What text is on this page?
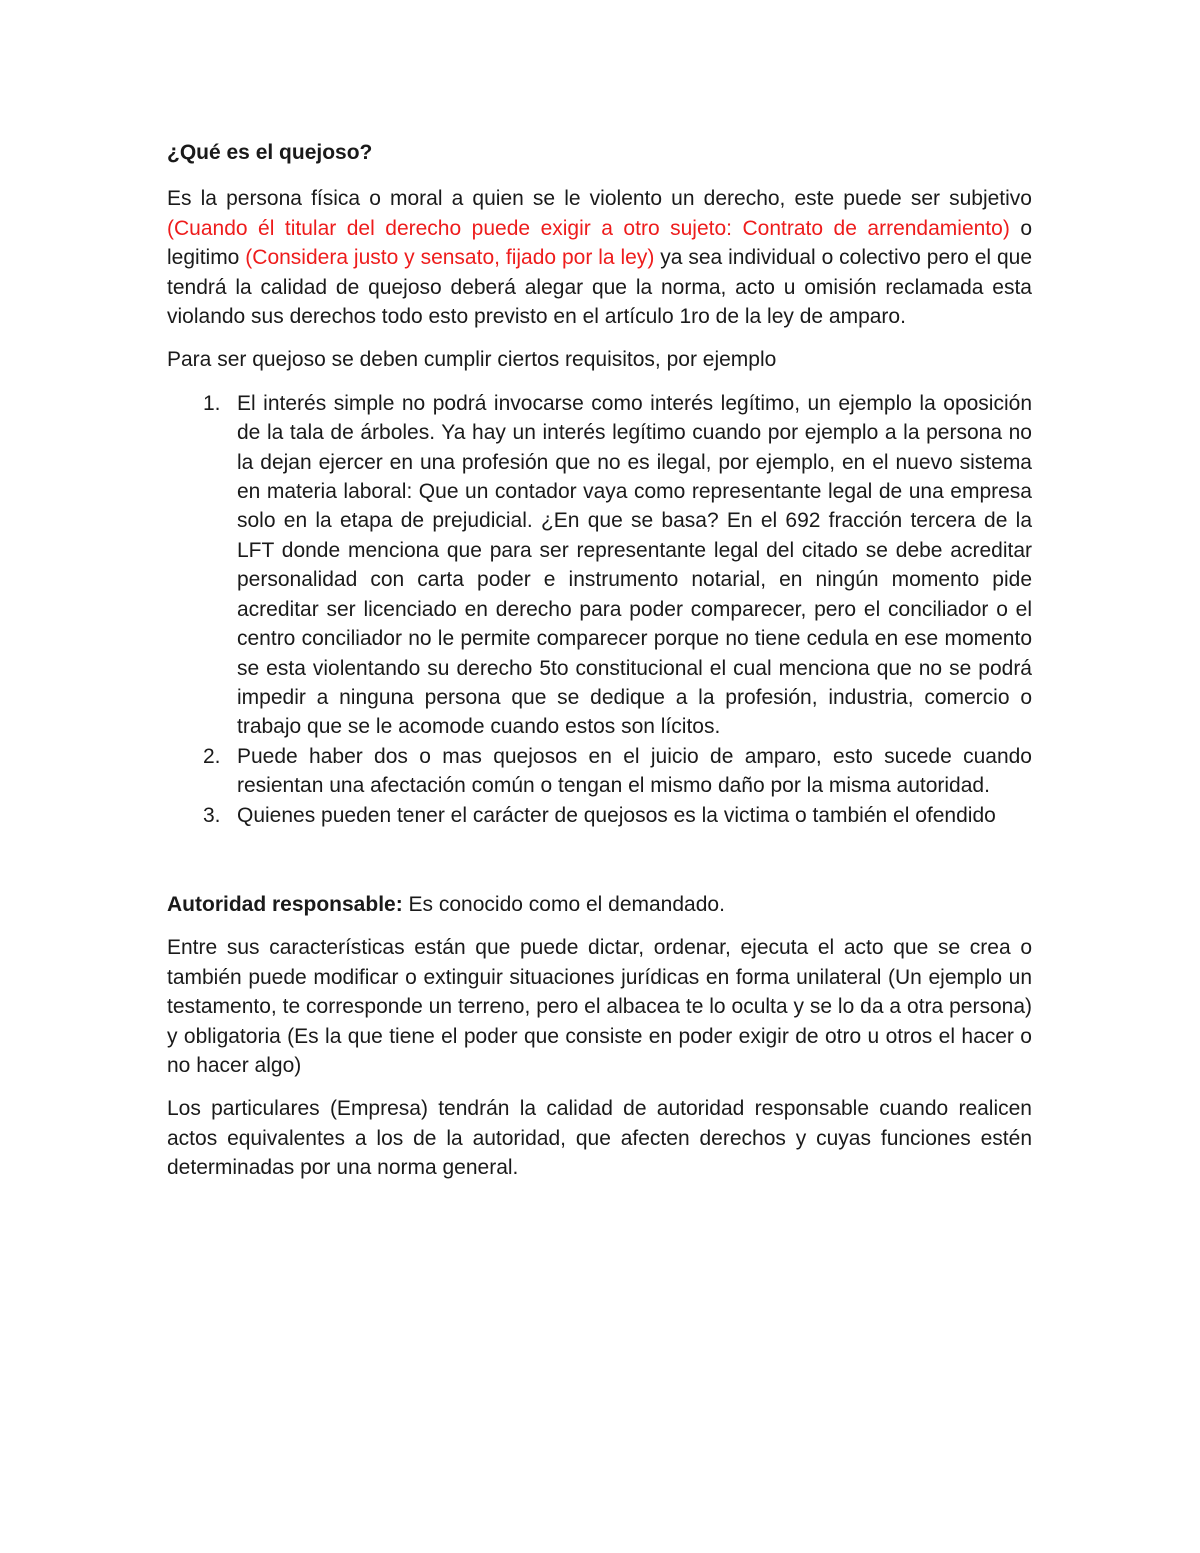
¿Qué es el quejoso?

Es la persona física o moral a quien se le violento un derecho, este puede ser subjetivo (Cuando él titular del derecho puede exigir a otro sujeto: Contrato de arrendamiento) o legitimo (Considera justo y sensato, fijado por la ley) ya sea individual o colectivo pero el que tendrá la calidad de quejoso deberá alegar que la norma, acto u omisión reclamada esta violando sus derechos todo esto previsto en el artículo 1ro de la ley de amparo.

Para ser quejoso se deben cumplir ciertos requisitos, por ejemplo

1. El interés simple no podrá invocarse como interés legítimo, un ejemplo la oposición de la tala de árboles. Ya hay un interés legítimo cuando por ejemplo a la persona no la dejan ejercer en una profesión que no es ilegal, por ejemplo, en el nuevo sistema en materia laboral: Que un contador vaya como representante legal de una empresa solo en la etapa de prejudicial. ¿En que se basa? En el 692 fracción tercera de la LFT donde menciona que para ser representante legal del citado se debe acreditar personalidad con carta poder e instrumento notarial, en ningún momento pide acreditar ser licenciado en derecho para poder comparecer, pero el conciliador o el centro conciliador no le permite comparecer porque no tiene cedula en ese momento se esta violentando su derecho 5to constitucional el cual menciona que no se podrá impedir a ninguna persona que se dedique a la profesión, industria, comercio o trabajo que se le acomode cuando estos son lícitos.
2. Puede haber dos o mas quejosos en el juicio de amparo, esto sucede cuando resientan una afectación común o tengan el mismo daño por la misma autoridad.
3. Quienes pueden tener el carácter de quejosos es la victima o también el ofendido

Autoridad responsable: Es conocido como el demandado.

Entre sus características están que puede dictar, ordenar, ejecuta el acto que se crea o también puede modificar o extinguir situaciones jurídicas en forma unilateral (Un ejemplo un testamento, te corresponde un terreno, pero el albacea te lo oculta y se lo da a otra persona) y obligatoria (Es la que tiene el poder que consiste en poder exigir de otro u otros el hacer o no hacer algo)

Los particulares (Empresa) tendrán la calidad de autoridad responsable cuando realicen actos equivalentes a los de la autoridad, que afecten derechos y cuyas funciones estén determinadas por una norma general.
